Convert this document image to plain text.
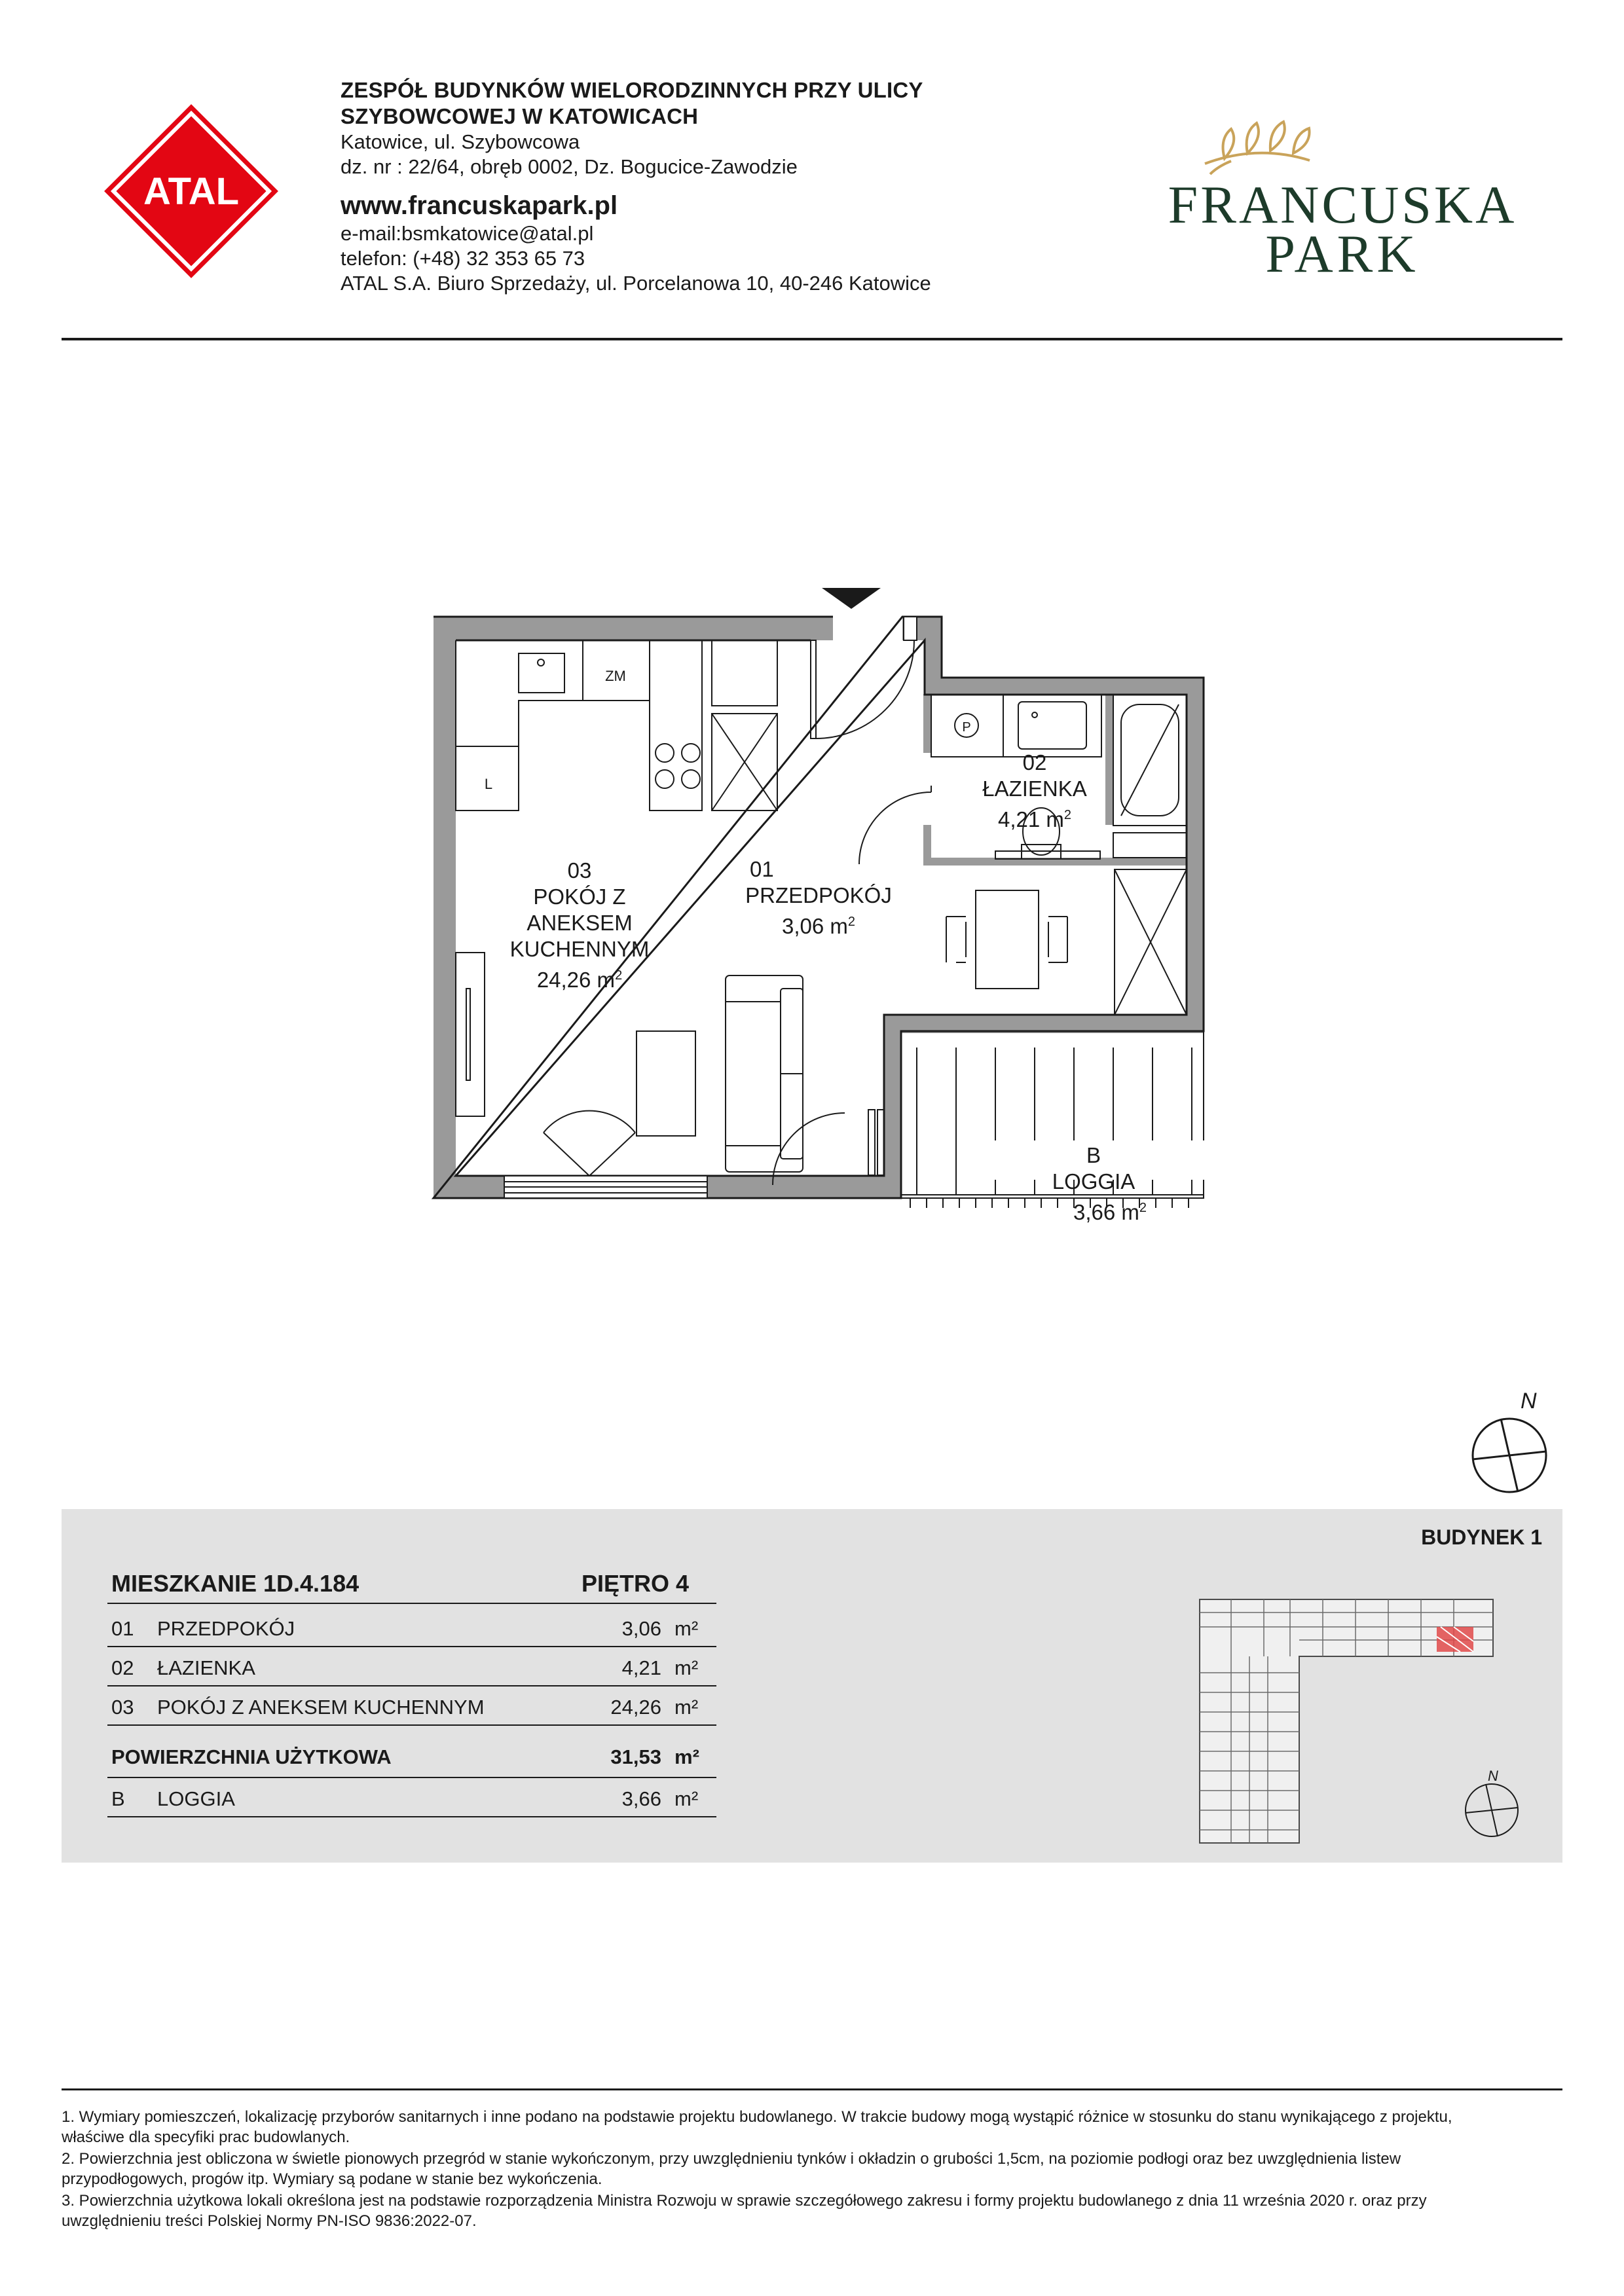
ATAL
ZESPÓŁ BUDYNKÓW WIELORODZINNYCH PRZY ULICY
SZYBOWCOWEJ W KATOWICACH
Katowice, ul. Szybowcowa
dz. nr : 22/64, obręb 0002, Dz. Bogucice-Zawodzie
www.francuskapark.pl
e-mail:bsmkatowice@atal.pl
telefon: (+48) 32 353 65 73
ATAL S.A. Biuro Sprzedaży, ul. Porcelanowa 10, 40-246 Katowice
FRANCUSKA
PARK
ZM
L
P
03
POKÓJ Z ANEKSEM
KUCHENNYM
24,26 $m^2$
01
PRZEDPOKÓJ
3,06 $m^2$
02
ŁAZIENKA
4,21 $m^2$
B
LOGGIA
3,66 $m^2$
N
BUDYNEK 1
MIESZKANIE 1D.4.184	PIĘTRO 4
01 PRZEDPOKÓJ	3,06 m²
02 ŁAZIENKA	4,21 m²
03 POKÓJ Z ANEKSEM KUCHENNYM	24,26 m²
POWIERZCHNIA UŻYTKOWA	31,53 m²
B LOGGIA	3,66 m²
N
1. Wymiary pomieszczeń, lokalizację przyborów sanitarnych i inne podano na podstawie projektu budowlanego. W trakcie budowy mogą wystąpić różnice w stosunku do stanu wynikającego z projektu,
właściwe dla specyfiki prac budowlanych.
2. Powierzchnia jest obliczona w świetle pionowych przegród w stanie wykończonym, przy uwzględnieniu tynków i okładzin o grubości 1,5cm, na poziomie podłogi oraz bez uwzględnienia listew
przypodłogowych, progów itp. Wymiary są podane w stanie bez wykończenia.
3. Powierzchnia użytkowa lokali określona jest na podstawie rozporządzenia Ministra Rozwoju w sprawie szczegółowego zakresu i formy projektu budowlanego z dnia 11 września 2020 r. oraz przy
uwzględnieniu treści Polskiej Normy PN-ISO 9836:2022-07.
